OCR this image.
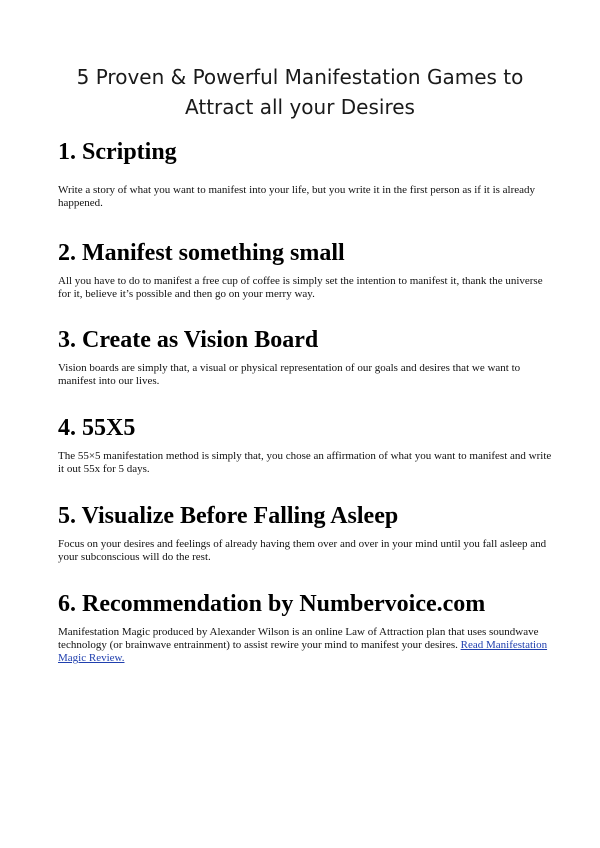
5 Proven & Powerful Manifestation Games to Attract all your Desires
1. Scripting

Write a story of what you want to manifest into your life, but you write it in the first person as if it is already happened.

2. Manifest something small

All you have to do to manifest a free cup of coffee is simply set the intention to manifest it, thank the universe for it, believe it’s possible and then go on your merry way.

3. Create as Vision Board

Vision boards are simply that, a visual or physical representation of our goals and desires that we want to manifest into our lives.

4. 55X5

The 55×5 manifestation method is simply that, you chose an affirmation of what you want to manifest and write it out 55x for 5 days.

5. Visualize Before Falling Asleep

Focus on your desires and feelings of already having them over and over in your mind until you fall asleep and your subconscious will do the rest.

6. Recommendation by Numbervoice.com

Manifestation Magic produced by Alexander Wilson is an online Law of Attraction plan that uses soundwave technology (or brainwave entrainment) to assist rewire your mind to manifest your desires. Read Manifestation Magic Review.
